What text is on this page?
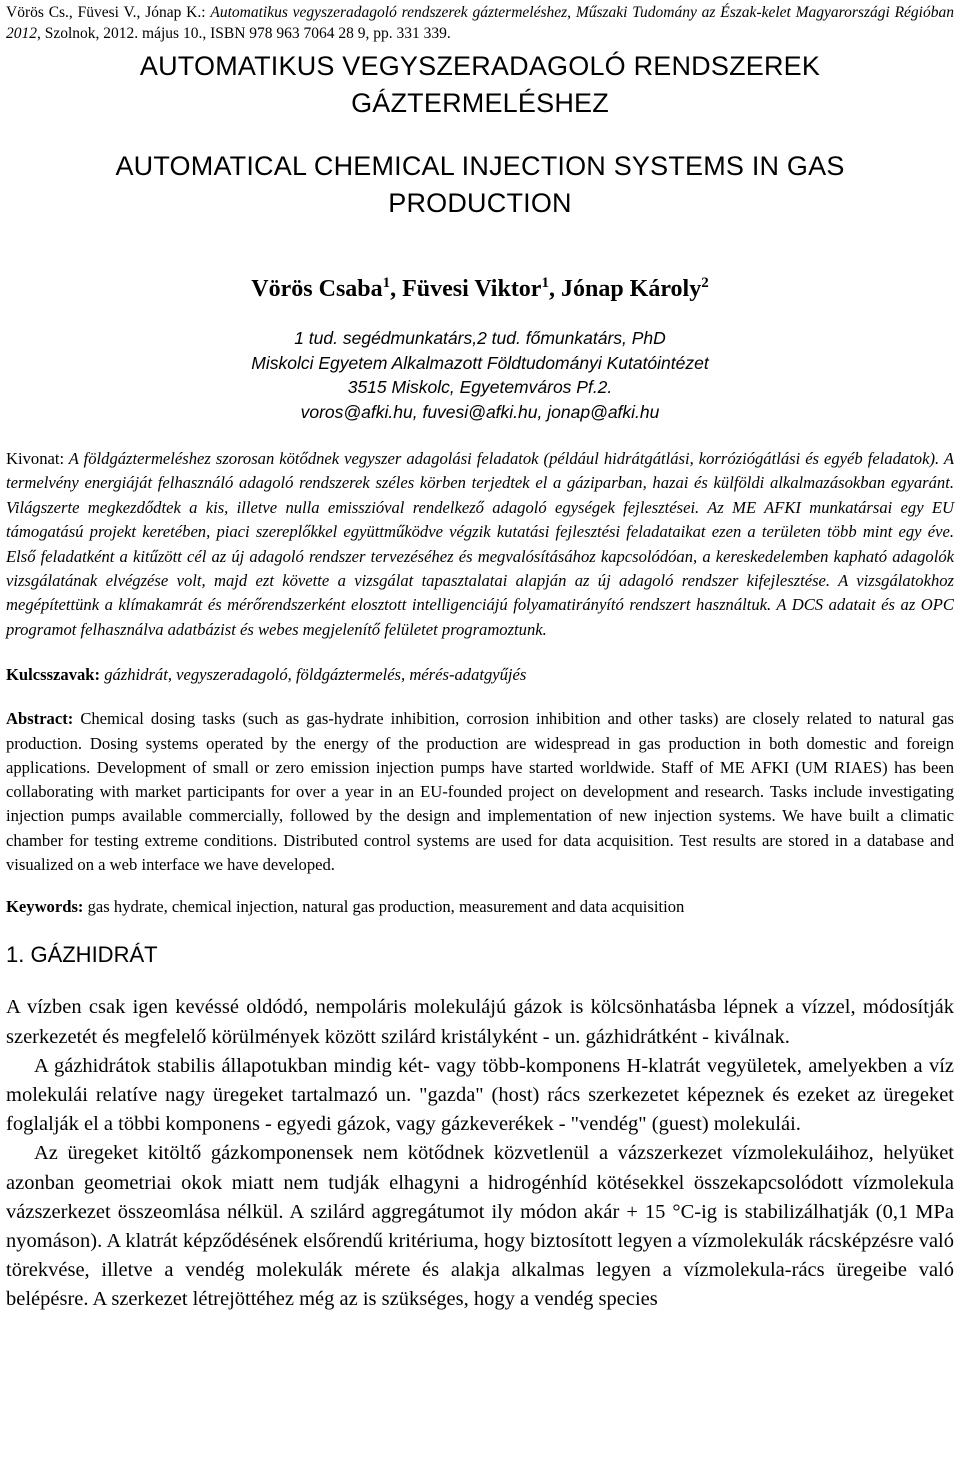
Vörös Cs., Füvesi V., Jónap K.: Automatikus vegyszeradagoló rendszerek gáztermeléshez, Műszaki Tudomány az Észak-kelet Magyarországi Régióban 2012, Szolnok, 2012. május 10., ISBN 978 963 7064 28 9, pp. 331 339.
AUTOMATIKUS VEGYSZERADAGOLÓ RENDSZEREK GÁZTERMELÉSHEZ
AUTOMATICAL CHEMICAL INJECTION SYSTEMS IN GAS PRODUCTION
Vörös Csaba$^1$, Füvesi Viktor$^1$, Jónap Károly$^2$
1 tud. segédmunkatárs,2 tud. főmunkatárs, PhD
Miskolci Egyetem Alkalmazott Földtudományi Kutatóintézet
3515 Miskolc, Egyetemváros Pf.2.
voros@afki.hu, fuvesi@afki.hu, jonap@afki.hu
Kivonat: A földgáztermeléshez szorosan kötődnek vegyszer adagolási feladatok (például hidrátgátlási, korróziógátlási és egyéb feladatok). A termelvény energiáját felhasználó adagoló rendszerek széles körben terjedtek el a gáziparban, hazai és külföldi alkalmazásokban egyaránt. Világszerte megkezdődtek a kis, illetve nulla emisszióval rendelkező adagoló egységek fejlesztései. Az ME AFKI munkatársai egy EU támogatású projekt keretében, piaci szereplőkkel együttműködve végzik kutatási fejlesztési feladataikat ezen a területen több mint egy éve. Első feladatként a kitűzött cél az új adagoló rendszer tervezéséhez és megvalósításához kapcsolódóan, a kereskedelemben kapható adagolók vizsgálatának elvégzése volt, majd ezt követte a vizsgálat tapasztalatai alapján az új adagoló rendszer kifejlesztése. A vizsgálatokhoz megépítettünk a klímakamrát és mérőrendszerként elosztott intelligenciájú folyamatirányító rendszert használtuk. A DCS adatait és az OPC programot felhasználva adatbázist és webes megjelenítő felületet programoztunk.
Kulcsszavak: gázhidrát, vegyszeradagoló, földgáztermelés, mérés-adatgyűjés
Abstract: Chemical dosing tasks (such as gas-hydrate inhibition, corrosion inhibition and other tasks) are closely related to natural gas production. Dosing systems operated by the energy of the production are widespread in gas production in both domestic and foreign applications. Development of small or zero emission injection pumps have started worldwide. Staff of ME AFKI (UM RIAES) has been collaborating with market participants for over a year in an EU-founded project on development and research. Tasks include investigating injection pumps available commercially, followed by the design and implementation of new injection systems. We have built a climatic chamber for testing extreme conditions. Distributed control systems are used for data acquisition. Test results are stored in a database and visualized on a web interface we have developed.
Keywords: gas hydrate, chemical injection, natural gas production, measurement and data acquisition
1. GÁZHIDRÁT

A vízben csak igen kevéssé oldódó, nempoláris molekulájú gázok is kölcsönhatásba lépnek a vízzel, módosítják szerkezetét és megfelelő körülmények között szilárd kristályként - un. gázhidrátként - kiválnak.

A gázhidrátok stabilis állapotukban mindig két- vagy több-komponens H-klatrát vegyületek, amelyekben a víz molekulái relatíve nagy üregeket tartalmazó un. "gazda" (host) rács szerkezetet képeznek és ezeket az üregeket foglalják el a többi komponens - egyedi gázok, vagy gázkeverékek - "vendég" (guest) molekulái.

Az üregeket kitöltő gázkomponensek nem kötődnek közvetlenül a vázszerkezet vízmolekuláihoz, helyüket azonban geometriai okok miatt nem tudják elhagyni a hidrogénhíd kötésekkel összekapcsolódott vízmolekula vázszerkezet összeomlása nélkül. A szilárd aggregátumot ily módon akár + 15 °C-ig is stabilizálhatják (0,1 MPa nyomáson). A klatrát képződésének elsőrendű kritériuma, hogy biztosított legyen a vízmolekulák rácsképzésre való törekvése, illetve a vendég molekulák mérete és alakja alkalmas legyen a vízmolekula-rács üregeibe való belépésre. A szerkezet létrejöttéhez még az is szükséges, hogy a vendég species
